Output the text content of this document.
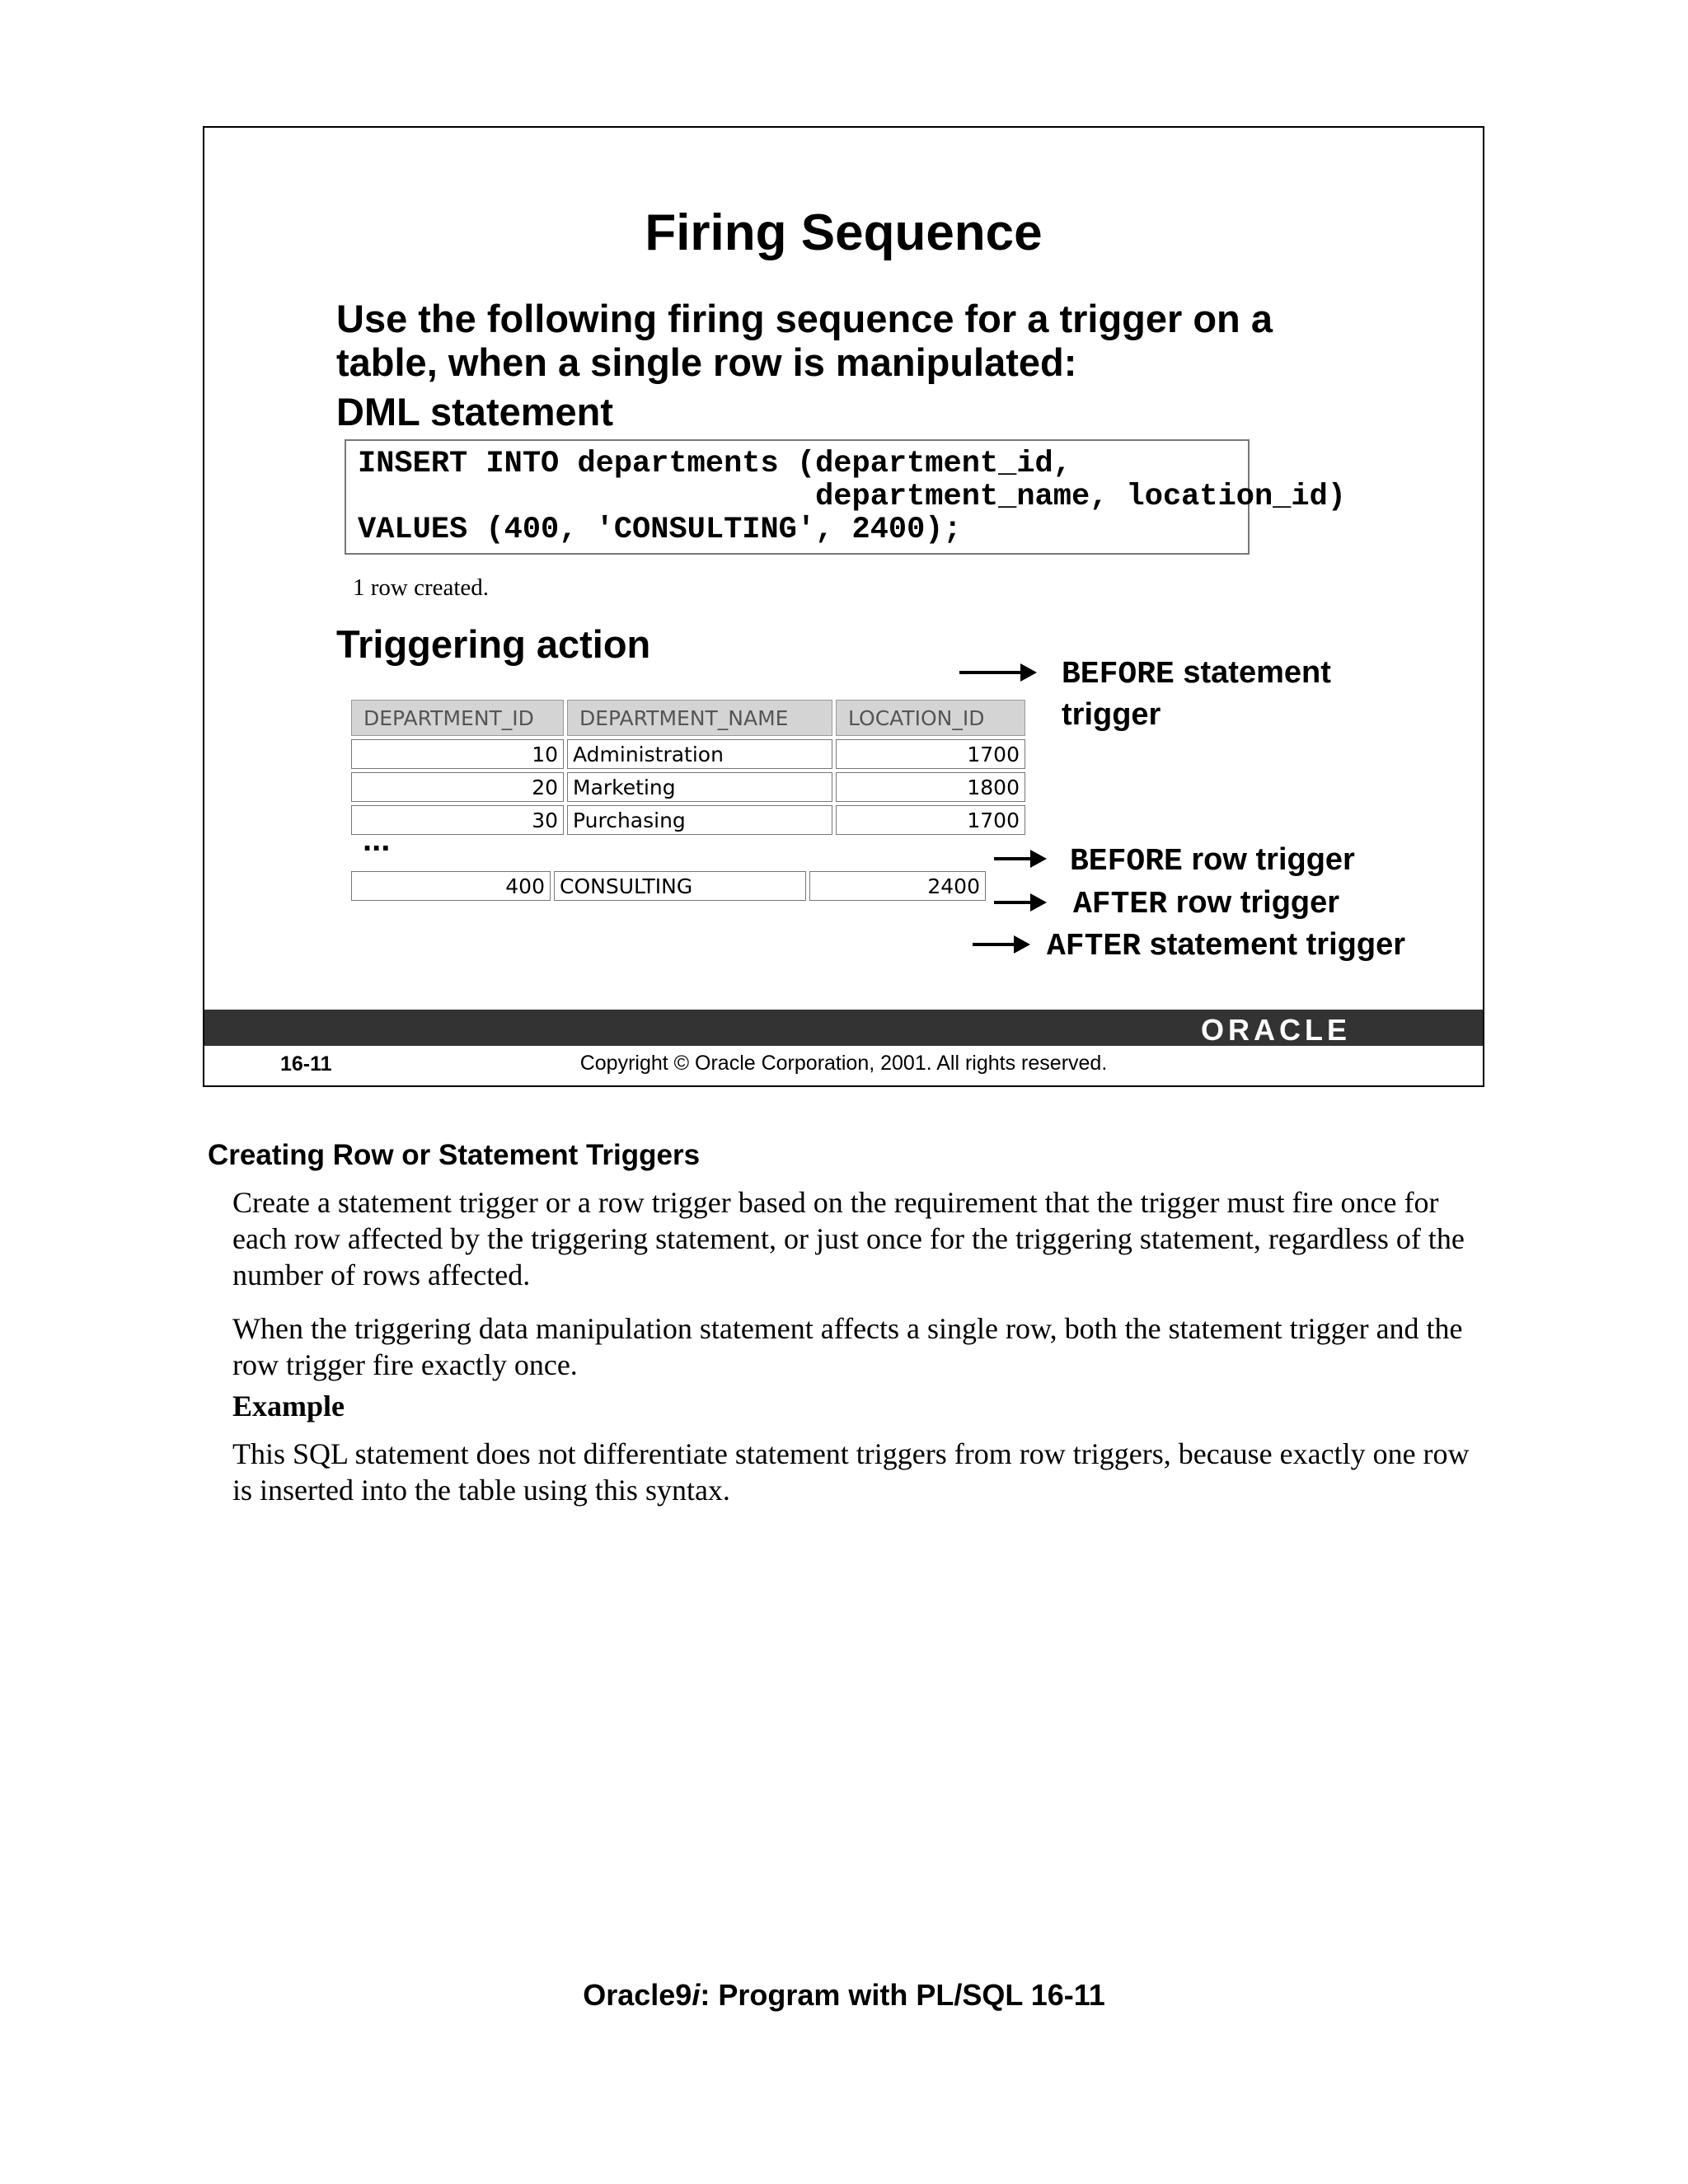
Firing Sequence
Use the following firing sequence for a trigger on a table, when a single row is manipulated:
DML statement
INSERT INTO departments (department_id,
department_name, location_id)
VALUES (400, 'CONSULTING', 2400);
1 row created.
Triggering action
DEPARTMENT_ID	DEPARTMENT_NAME	LOCATION_ID
10	Administration	1700
20	Marketing	1800
30	Purchasing	1700
...
400	CONSULTING	2400
BEFORE statement trigger
BEFORE row trigger
AFTER row trigger
AFTER statement trigger
ORACLE
16-11	Copyright © Oracle Corporation, 2001. All rights reserved.
Creating Row or Statement Triggers
Create a statement trigger or a row trigger based on the requirement that the trigger must fire once for each row affected by the triggering statement, or just once for the triggering statement, regardless of the number of rows affected.
When the triggering data manipulation statement affects a single row, both the statement trigger and the row trigger fire exactly once.
Example
This SQL statement does not differentiate statement triggers from row triggers, because exactly one row is inserted into the table using this syntax.
Oracle9i: Program with PL/SQL 16-11
